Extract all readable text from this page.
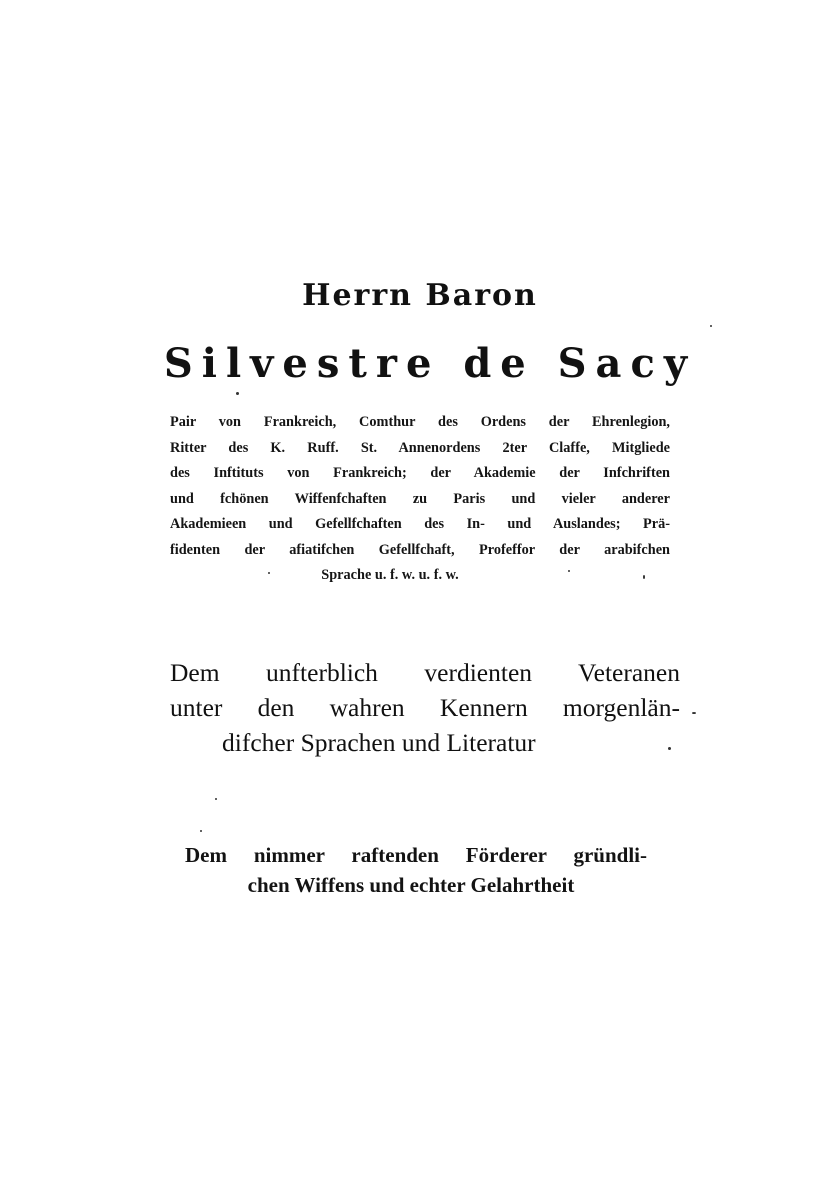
Herrn Baron
Silvestre de Sacy
Pair von Frankreich, Comthur des Ordens der Ehrenlegion,
Ritter des K. Ruff. St. Annenordens 2ter Claffe, Mitgliede
des Inftituts von Frankreich; der Akademie der Infchriften
und fchönen Wiffenfchaften zu Paris und vieler anderer
Akademieen und Gefellfchaften des In- und Auslandes; Prä-
fidenten der afiatifchen Gefellfchaft, Profeffor der arabifchen
Sprache u. f. w. u. f. w.
Dem unfterblich verdienten Veteranen
unter den wahren Kennern morgenlän-
difcher Sprachen und Literatur
Dem nimmer raftenden Förderer gründli-
chen Wiffens und echter Gelahrtheit
